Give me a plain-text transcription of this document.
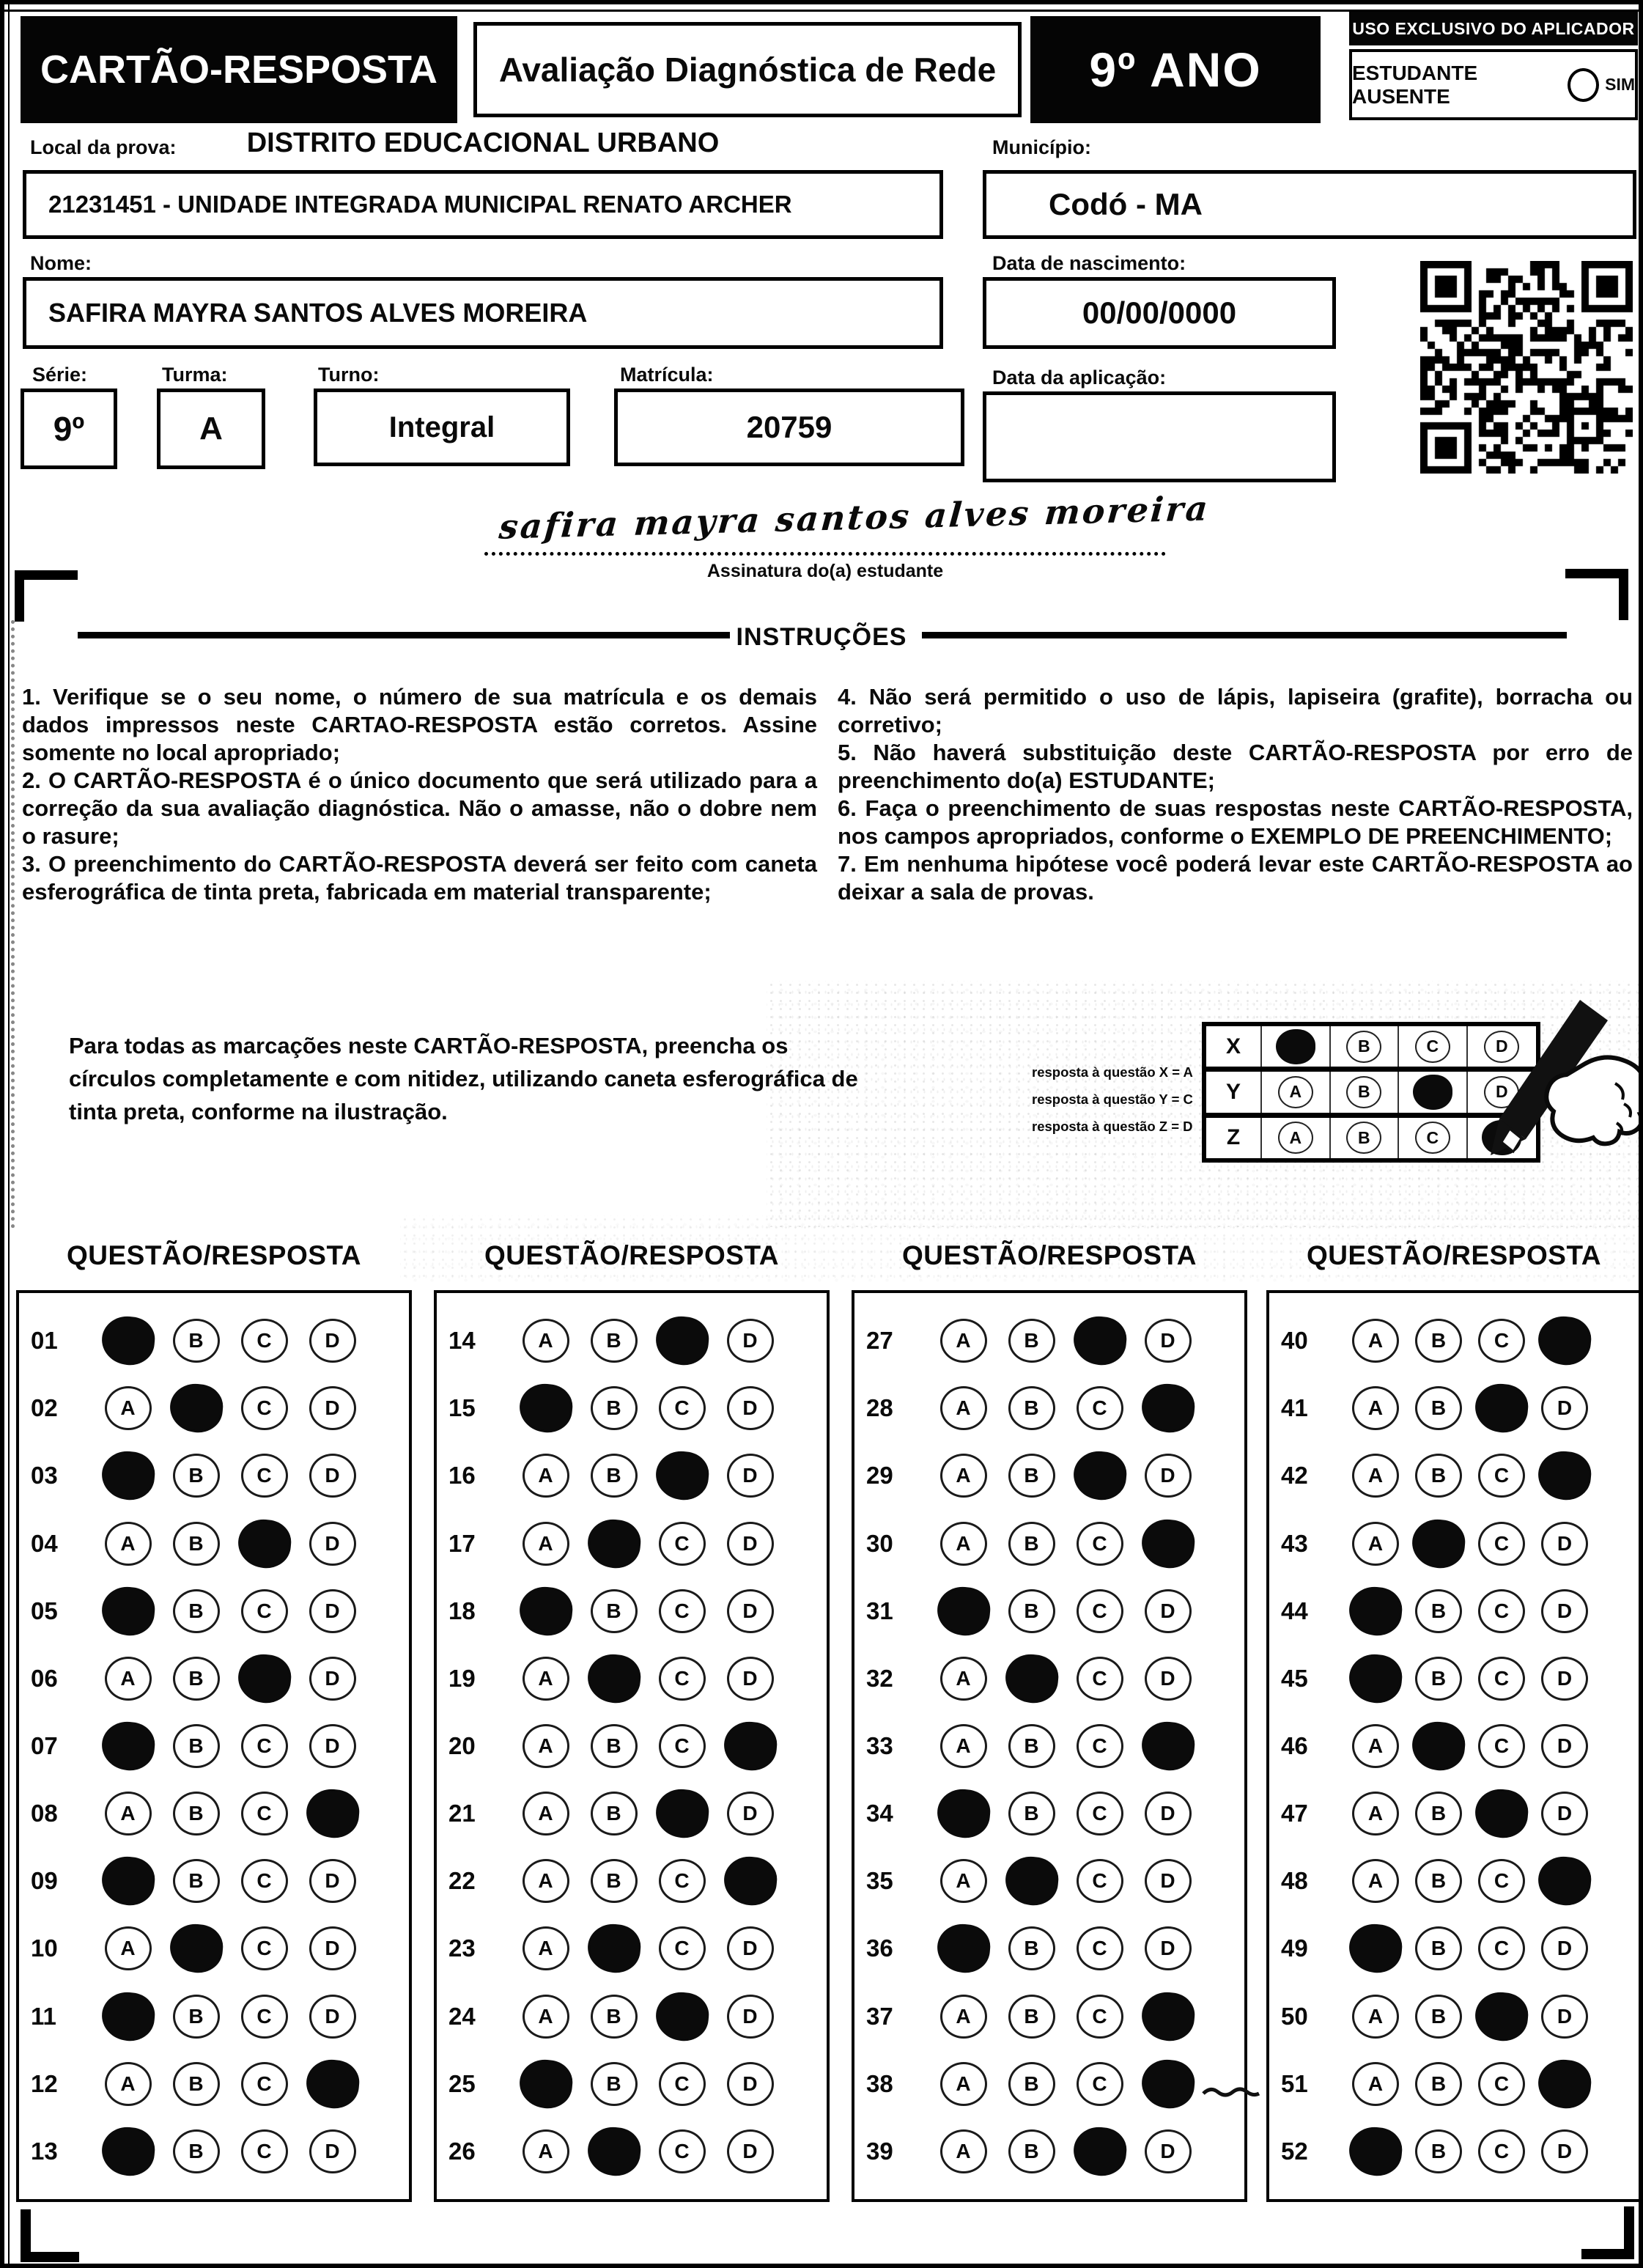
CARTÃO-RESPOSTA Avaliação Diagnóstica de Rede 9º ANO
USO EXCLUSIVO DO APLICADOR
ESTUDANTE AUSENTE
SIM
Local da prova:	DISTRITO EDUCACIONAL URBANO	Município:
21231451 - UNIDADE INTEGRADA MUNICIPAL RENATO ARCHER	Codó - MA
Nome:	Data de nascimento:
SAFIRA MAYRA SANTOS ALVES MOREIRA	00/00/0000
Série:	Turma:	Turno:	Matrícula:	Data da aplicação:
9º	A	Integral	20759
safira mayra santos alves moreira
Assinatura do(a) estudante
INSTRUÇÕES

1. Verifique se o seu nome, o número de sua matrícula e os demais dados impressos neste CARTAO-RESPOSTA estão corretos. Assine somente no local apropriado;

2. O CARTÃO-RESPOSTA é o único documento que será utilizado para a correção da sua avaliação diagnóstica. Não o amasse, não o dobre nem o rasure;

3. O preenchimento do CARTÃO-RESPOSTA deverá ser feito com caneta esferográfica de tinta preta, fabricada em material transparente;

4. Não será permitido o uso de lápis, lapiseira (grafite), borracha ou corretivo;

5. Não haverá substituição deste CARTÃO-RESPOSTA por erro de preenchimento do(a) ESTUDANTE;

6. Faça o preenchimento de suas respostas neste CARTÃO-RESPOSTA, nos campos apropriados, conforme o EXEMPLO DE PREENCHIMENTO;

7. Em nenhuma hipótese você poderá levar este CARTÃO-RESPOSTA ao deixar a sala de provas.

Para todas as marcações neste CARTÃO-RESPOSTA, preencha os
círculos completamente e com nitidez, utilizando caneta esferográfica de
tinta preta, conforme na ilustração.
resposta à questão X = A
resposta à questão Y = C
resposta à questão Z = D
X	B	C	D
Y	A	B	D
Z	A	B	C
QUESTÃO/RESPOSTA
01	B	C	D
02	A	C	D
03	B	C	D
04	A	B	D
05	B	C	D
06	A	B	D
07	B	C	D
08	A	B	C
09	B	C	D
10	A	C	D
11	B	C	D
12	A	B	C
13	B	C	D
QUESTÃO/RESPOSTA
14	A	B	D
15	B	C	D
16	A	B	D
17	A	C	D
18	B	C	D
19	A	C	D
20	A	B	C
21	A	B	D
22	A	B	C
23	A	C	D
24	A	B	D
25	B	C	D
26	A	C	D
QUESTÃO/RESPOSTA
27	A	B	D
28	A	B	C
29	A	B	D
30	A	B	C
31	B	C	D
32	A	C	D
33	A	B	C
34	B	C	D
35	A	C	D
36	B	C	D
37	A	B	C
38	A	B	C
39	A	B	D
QUESTÃO/RESPOSTA
40	A B C
41	A B	D
42	A B C
43	A	C D
44	B C D
45	B C D
46	A	C D
47	A B	D
48	A B C
49	B C D
50	A B	D
51	A B C
52	B C D
